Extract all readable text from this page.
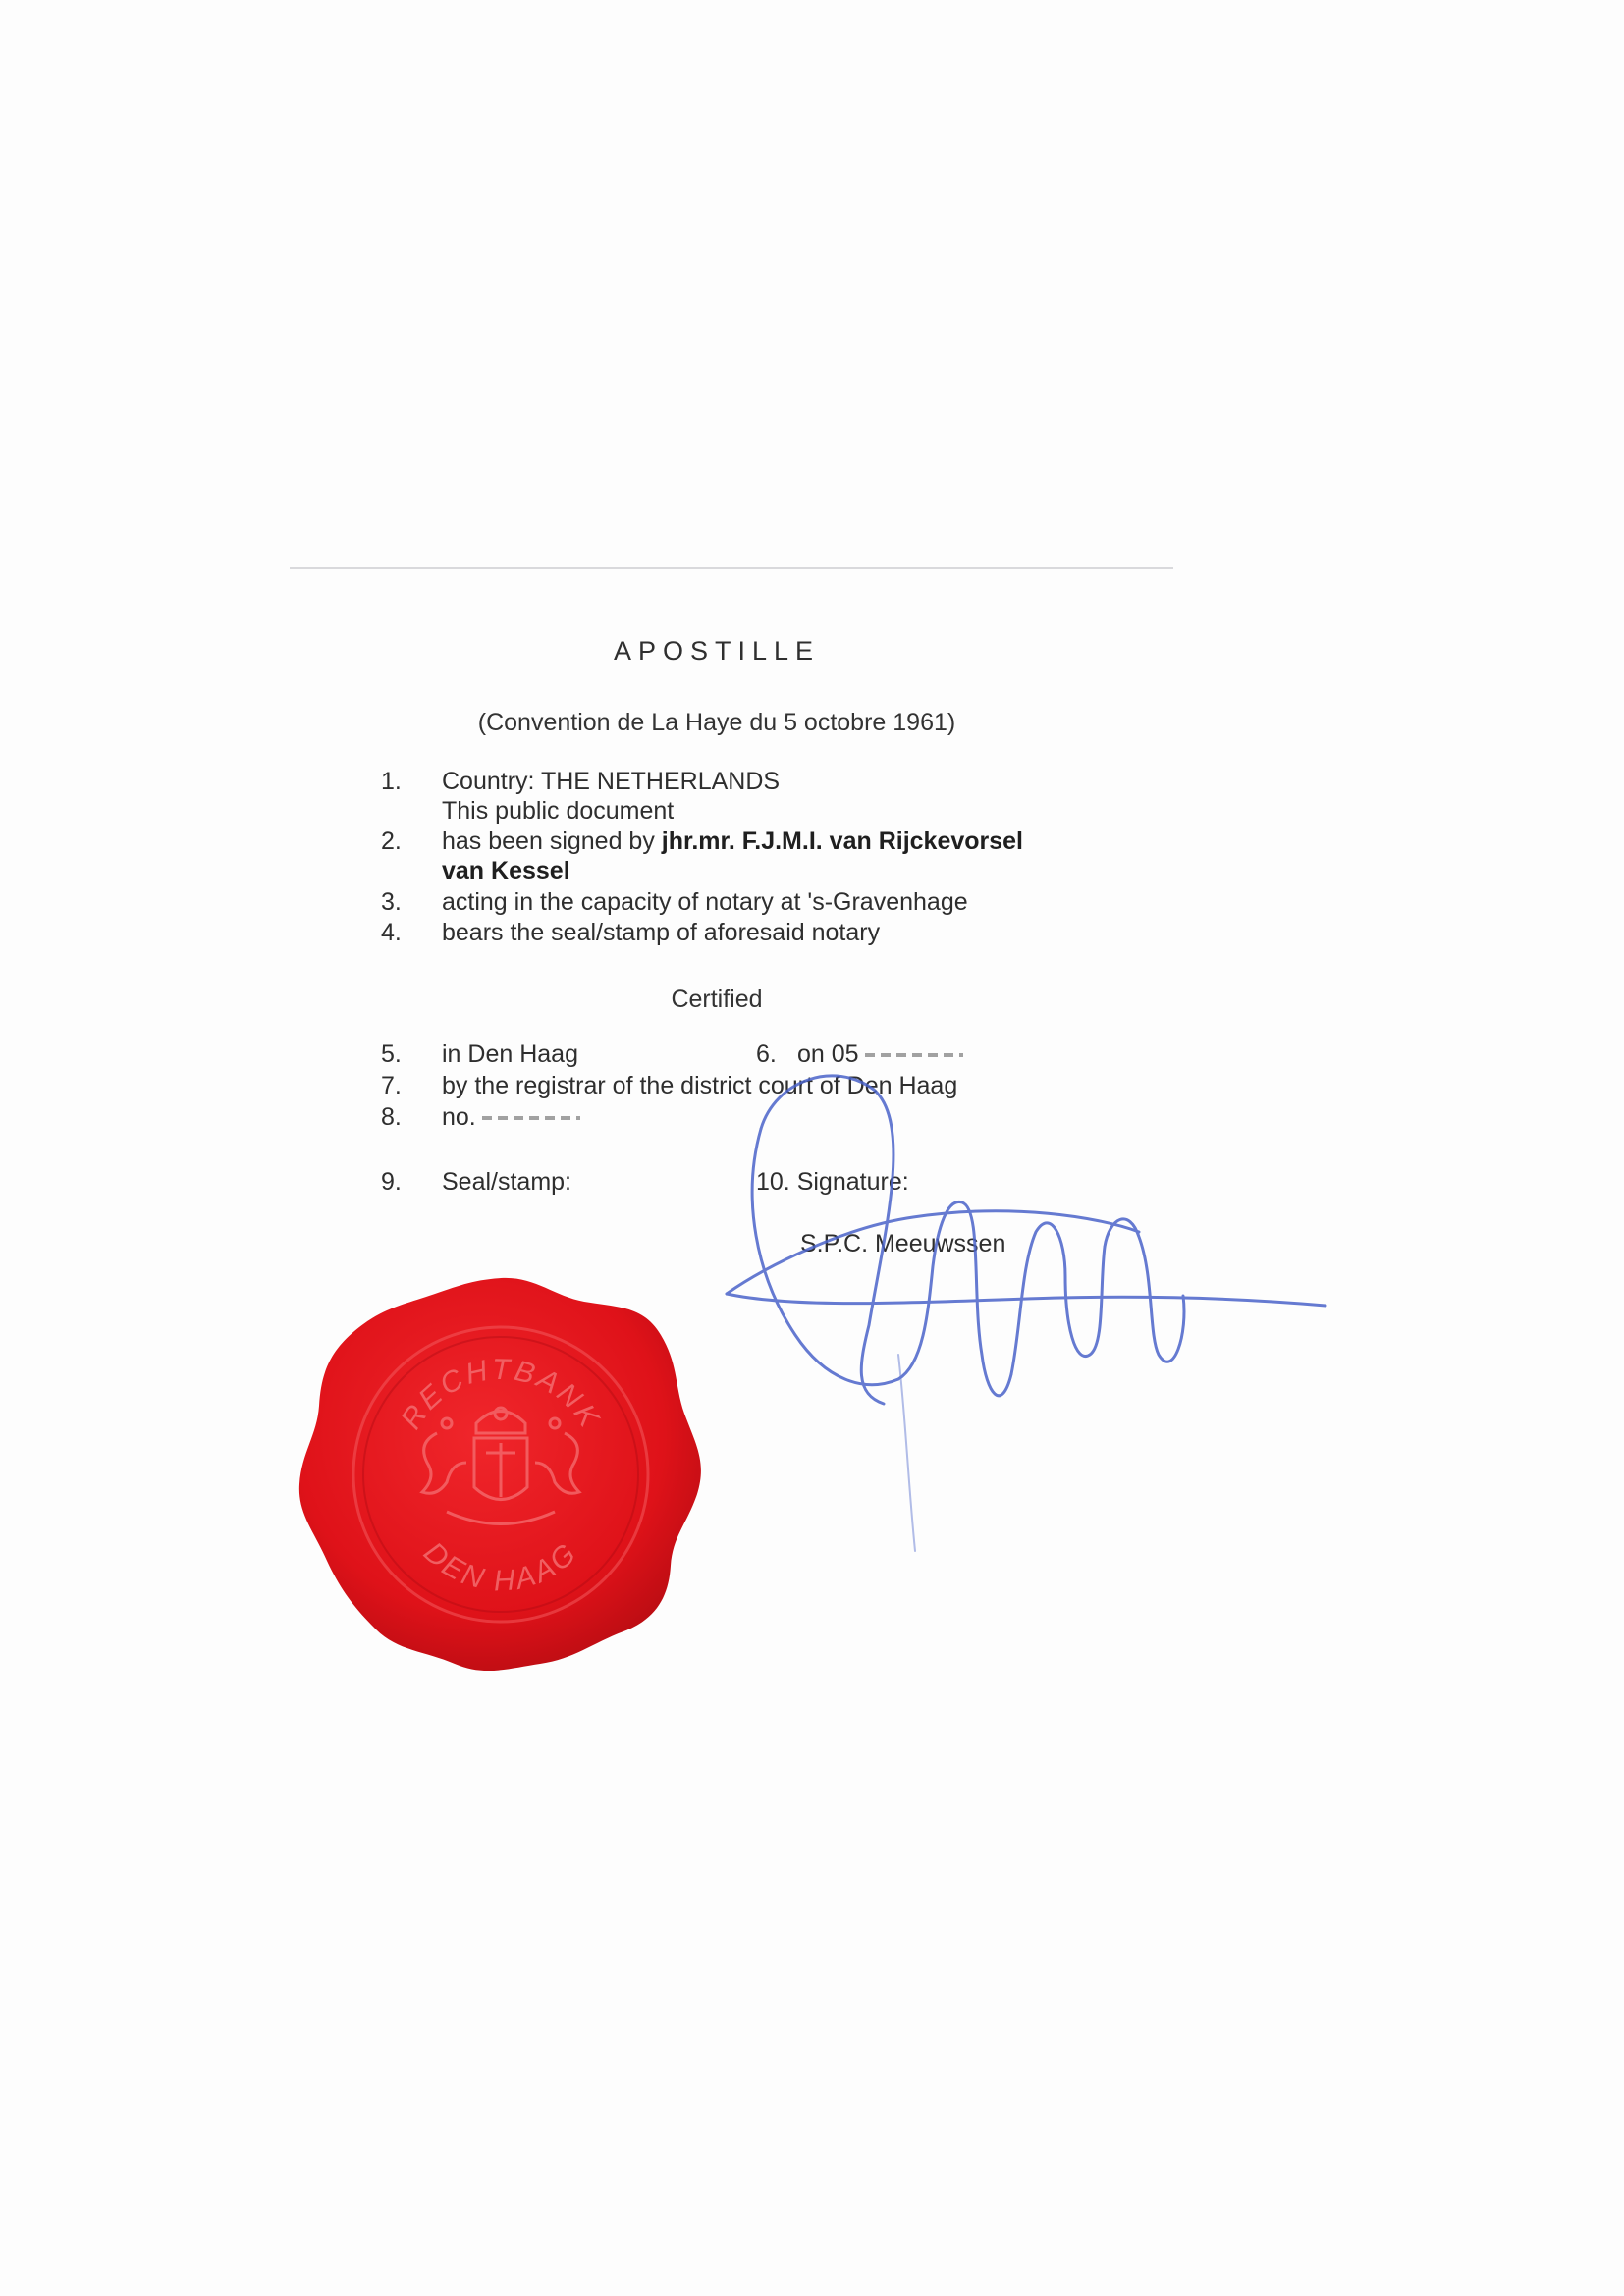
APOSTILLE
(Convention de La Haye du 5 octobre 1961)
1. Country: THE NETHERLANDS
This public document
2. has been signed by jhr.mr. F.J.M.I. van Rijckevorsel
van Kessel
3. acting in the capacity of notary at 's-Gravenhage
4. bears the seal/stamp of aforesaid notary
Certified
5. in Den Haag	6. on 05
7. by the registrar of the district court of Den Haag
8. no.
9. Seal/stamp:	10. Signature:
S.P.C. Meeuwssen
RECHTBANK
DEN HAAG
